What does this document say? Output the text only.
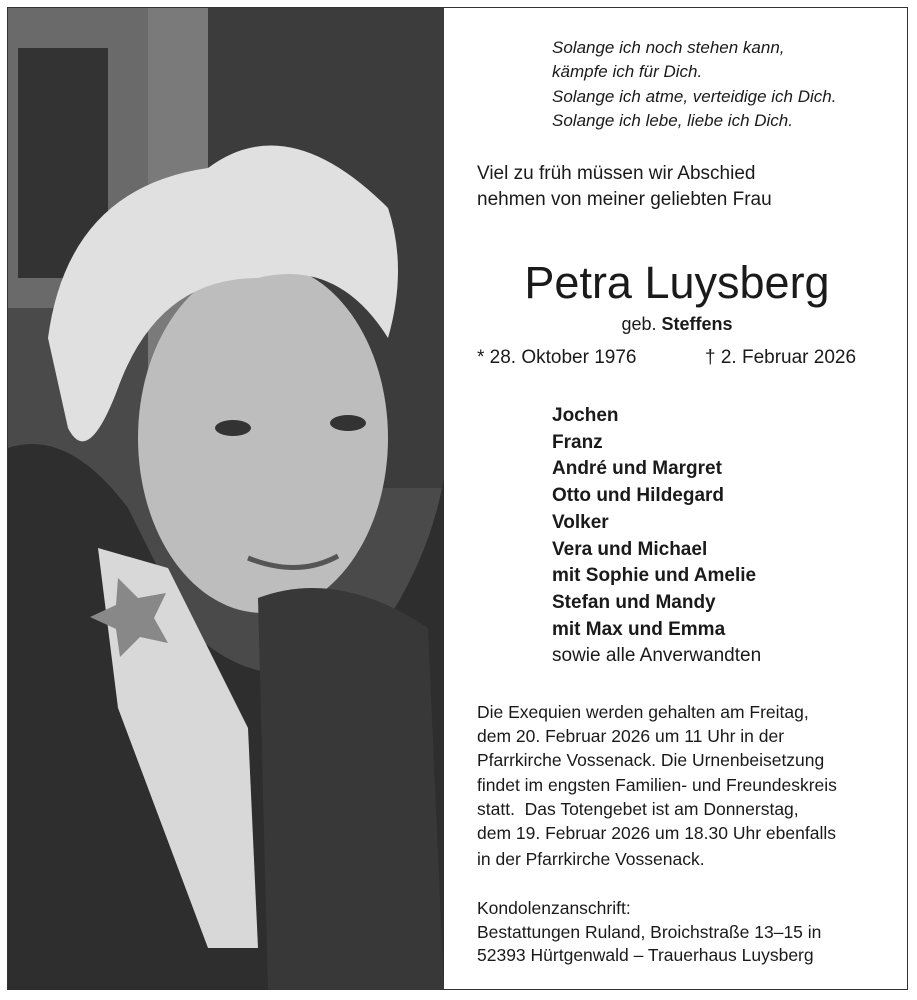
Solange ich noch stehen kann,
kämpfe ich für Dich.
Solange ich atme, verteidige ich Dich.
Solange ich lebe, liebe ich Dich.
Viel zu früh müssen wir Abschied
nehmen von meiner geliebten Frau
Petra Luysberg
geb. Steffens
* 28. Oktober 1976	† 2. Februar 2026
Jochen
Franz
André und Margret
Otto und Hildegard
Volker
Vera und Michael
mit Sophie und Amelie
Stefan und Mandy
mit Max und Emma
sowie alle Anverwandten
Die Exequien werden gehalten am Freitag,
dem 20. Februar 2026 um 11 Uhr in der
Pfarrkirche Vossenack. Die Urnenbeisetzung
findet im engsten Familien- und Freundeskreis
statt.  Das Totengebet ist am Donnerstag,
dem 19. Februar 2026 um 18.30 Uhr ebenfalls
in der Pfarrkirche Vossenack.
Kondolenzanschrift:
Bestattungen Ruland, Broichstraße 13–15 in
52393 Hürtgenwald – Trauerhaus Luysberg
